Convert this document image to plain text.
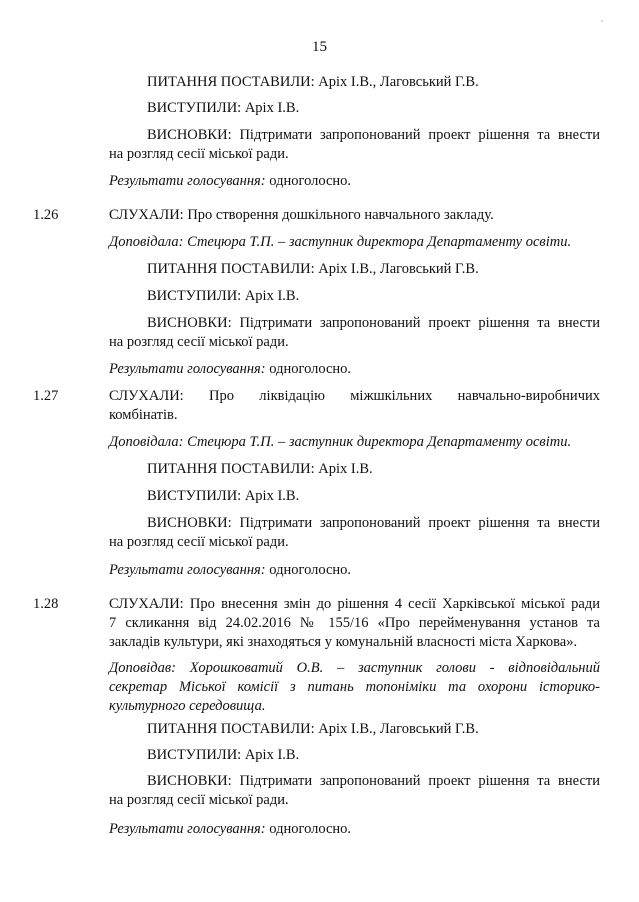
15

ПИТАННЯ ПОСТАВИЛИ: Аріх І.В., Лаговський Г.В.

ВИСТУПИЛИ: Аріх І.В.

ВИСНОВКИ: Підтримати запропонований проект рішення та внести

на розгляд сесії міської ради.

Результати голосування: одноголосно.

1.26	СЛУХАЛИ: Про створення дошкільного навчального закладу.

Доповідала: Стецюра Т.П. – заступник директора Департаменту освіти.

ПИТАННЯ ПОСТАВИЛИ: Аріх І.В., Лаговський Г.В.

ВИСТУПИЛИ: Аріх І.В.

ВИСНОВКИ: Підтримати запропонований проект рішення та внести

на розгляд сесії міської ради.

Результати голосування: одноголосно.

1.27	СЛУХАЛИ: Про ліквідацію міжшкільних навчально-виробничих

комбінатів.

Доповідала: Стецюра Т.П. – заступник директора Департаменту освіти.

ПИТАННЯ ПОСТАВИЛИ: Аріх І.В.

ВИСТУПИЛИ: Аріх І.В.

ВИСНОВКИ: Підтримати запропонований проект рішення та внести

на розгляд сесії міської ради.

Результати голосування: одноголосно.

1.28	СЛУХАЛИ: Про внесення змін до рішення 4 сесії Харківської міської ради

7 скликання від 24.02.2016 № 155/16 «Про перейменування установ та

закладів культури, які знаходяться у комунальній власності міста Харкова».

Доповідав: Хорошковатий О.В. – заступник голови - відповідальний

секретар Міської комісії з питань топоніміки та охорони історико-

культурного середовища.

ПИТАННЯ ПОСТАВИЛИ: Аріх І.В., Лаговський Г.В.

ВИСТУПИЛИ: Аріх І.В.

ВИСНОВКИ: Підтримати запропонований проект рішення та внести

на розгляд сесії міської ради.

Результати голосування: одноголосно.
